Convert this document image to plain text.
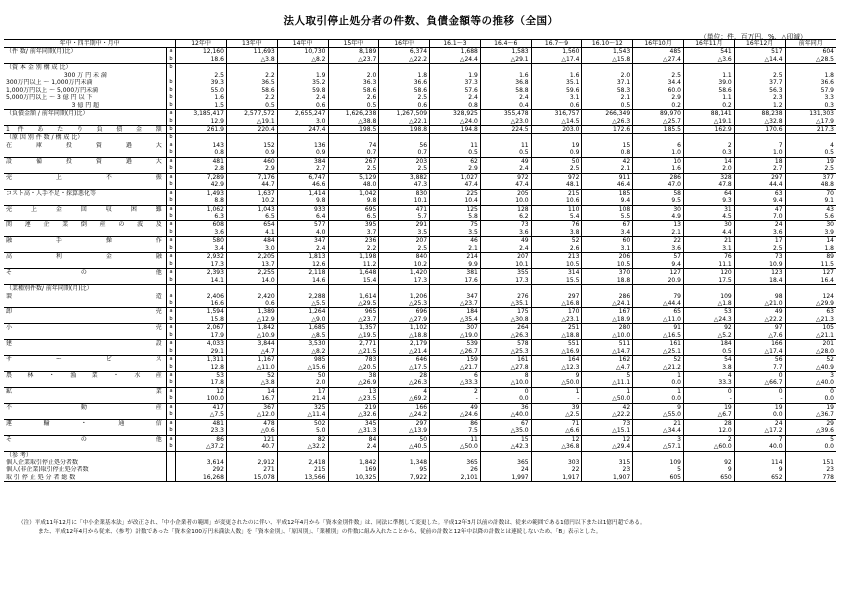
法人取引停止処分者の件数、負債金額等の推移（全国）
（単位：件、百万円、%、△印減）
年中・四半期中・月中		12年中	13年中	14年中	15年中	16年中	16.1～3	16.4～6	16.7～9	16.10～12	16年10月	16年11月	16年12月	前年同月
（件 数/ 前年同期(月)比）	a	12,160	11,693	10,730	8,189	6,374	1,688	1,583	1,560	1,543	485	541	517	604
	b	18.6	△3.8	△8.2	△23.7	△22.2	△24.4	△29.1	△17.4	△15.8	△27.4	△3.6	△14.4	△28.5
（資 本 金 別 構 成 比）	b													
300 万 円 未 満		2.5	2.2	1.9	2.0	1.8	1.9	1.6	1.6	2.0	2.5	1.1	2.5	1.8
300万円以上 ～ 1,000万円未満	b	39.3	36.5	35.2	36.3	36.6	37.3	36.8	35.1	37.1	34.4	39.0	37.7	36.6
1,000万円以上 ～ 5,000万円未満	b	55.0	58.6	59.8	58.6	58.6	57.6	58.8	59.6	58.3	60.0	58.6	56.3	57.9
5,000万円以上 ～ 3 億 円 以 下	b	1.6	2.2	2.4	2.6	2.5	2.4	2.4	3.1	2.1	2.9	1.1	2.3	3.3
3 億 円 超	b	1.5	0.5	0.6	0.5	0.6	0.8	0.4	0.6	0.5	0.2	0.2	1.2	0.3
（負債金額 / 前年同期(月)比）	a	3,185,417	2,577,572	2,655,247	1,626,238	1,267,509	328,925	355,478	316,757	266,349	89,970	88,141	88,238	131,303
	b	12.9	△19.1	3.0	△38.8	△22.1	△24.0	△23.0	△14.5	△26.3	△25.7	△19.1	△32.8	△17.9
1 件 あ た り 負 債 金 額	b	261.9	220.4	247.4	198.5	198.8	194.8	224.5	203.0	172.6	185.5	162.9	170.6	217.3
（原 因 別 件 数 / 構 成 比）	b													
在 庫 投 資 過 大	a	143	152	136	74	56	11	11	19	15	6	2	7	4
	b	0.8	0.9	0.9	0.7	0.7	0.5	0.5	0.9	0.8	1.0	0.3	1.0	0.5
設 備 投 資 過 大	a	481	460	384	267	203	62	49	50	42	10	14	18	19
	b	2.8	2.9	2.7	2.5	2.5	2.9	2.4	2.5	2.1	1.6	2.0	2.7	2.5
売 上 不 振	a	7,289	7,176	6,747	5,129	3,882	1,027	972	972	911	286	328	297	377
	b	42.9	44.7	46.6	48.0	47.3	47.4	47.4	48.1	46.4	47.0	47.8	44.4	48.8
コスト高・人手不足・採算悪化等	a	1,493	1,637	1,414	1,042	830	225	205	215	185	58	64	63	70
	b	8.8	10.2	9.8	9.8	10.1	10.4	10.0	10.6	9.4	9.5	9.3	9.4	9.1
売 上 金 回 収 困 難	a	1,062	1,043	933	695	471	125	128	110	108	30	31	47	43
	b	6.3	6.5	6.4	6.5	5.7	5.8	6.2	5.4	5.5	4.9	4.5	7.0	5.6
関 連 企 業 倒 産 の 波 及	a	608	654	577	395	291	75	73	76	67	13	30	24	30
	b	3.6	4.1	4.0	3.7	3.5	3.5	3.6	3.8	3.4	2.1	4.4	3.6	3.9
融 手 操 作	a	580	484	347	236	207	46	49	52	60	22	21	17	14
	b	3.4	3.0	2.4	2.2	2.5	2.1	2.4	2.6	3.1	3.6	3.1	2.5	1.8
高 利 金 融	a	2,932	2,205	1,813	1,198	840	214	207	213	206	57	76	73	89
	b	17.3	13.7	12.6	11.2	10.2	9.9	10.1	10.5	10.5	9.4	11.1	10.9	11.5
そ の 他	a	2,393	2,255	2,118	1,648	1,420	381	355	314	370	127	120	123	127
	b	14.1	14.0	14.6	15.4	17.3	17.6	17.3	15.5	18.8	20.9	17.5	18.4	16.4
（業種別件数/ 前年同期(月)比）														
製 造	a	2,406	2,420	2,288	1,614	1,206	347	276	297	286	79	109	98	124
	b	16.6	0.6	△5.5	△29.5	△25.3	△23.7	△35.1	△16.8	△24.1	△44.4	△1.8	△21.0	△29.9
卸 売	a	1,594	1,389	1,264	965	696	184	175	170	167	65	53	49	63
	b	15.8	△12.9	△9.0	△23.7	△27.9	△35.4	△30.8	△23.1	△18.9	△11.0	△24.3	△22.2	△21.3
小 売	a	2,067	1,842	1,685	1,357	1,102	307	264	251	280	91	92	97	105
	b	17.9	△10.9	△8.5	△19.5	△18.8	△19.0	△26.3	△18.8	△10.0	△16.5	△5.2	△7.6	△21.1
建 設	a	4,033	3,844	3,530	2,771	2,179	539	578	551	511	161	184	166	201
	b	29.1	△4.7	△8.2	△21.5	△21.4	△26.7	△25.3	△16.9	△14.7	△25.1	0.5	△17.4	△28.0
サ ー ビ ス	a	1,311	1,167	985	783	646	159	161	164	162	52	54	56	52
	b	12.8	△11.0	△15.6	△20.5	△17.5	△21.7	△27.8	△12.3	△4.7	△21.2	3.8	7.7	△40.9
農 林 ・ 漁 業 ・ 水 産	a	53	52	50	38	28	6	8	9	5	1	4	0	3
	b	17.8	△3.8	2.0	△26.9	△26.3	△33.3	△10.0	△50.0	△11.1	0.0	33.3	△66.7	△40.0
鉱 業	a	12	14	17	13	4	2	0	1	1	1	0	0	0
	b	100.0	16.7	21.4	△23.5	△69.2	-	0.0	-	△50.0	0.0	-	-	0.0
不 動 産	a	417	367	325	219	166	49	36	39	42	9	19	19	19
	b	△7.5	△12.0	△11.4	△32.6	△24.2	△24.6	△40.0	△2.5	△22.2	△55.0	△6.7	0.0	△36.7
運 輸 ・ 通 信	a	481	478	502	345	297	86	67	71	73	21	28	24	29
	b	23.3	△0.6	5.0	△31.3	△13.9	7.5	△35.0	△6.6	△15.1	△34.4	12.0	△17.2	△39.6
そ の 他	a	86	121	82	84	50	11	15	12	12	3	2	7	5
	b	△37.2	40.7	△32.2	2.4	△40.5	△50.0	△42.3	△36.8	△29.4	△57.1	△60.0	40.0	0.0
（参 考）														
個人企業取引停止処分者数		3,614	2,912	2,418	1,842	1,348	365	365	303	315	109	92	114	151
個人(非企業)取引停止処分者数		292	271	215	169	95	26	24	22	23	5	9	9	23
取 引 停 止 処 分 者 総 数		16,268	15,078	13,566	10,325	7,922	2,101	1,997	1,917	1,907	605	650	652	778
（注）平成11年12月に「中小企業基本法」が改正され、「中小企業者の範囲」が変更されたのに伴い、平成12年4月から「資本金別件数」は、同法に準拠して変更した。平成12年3月以前の計数は、従来の範囲である1億円以下または1億円超である。
また、平成12年4月から従来、（参考）計数であった「資本金100万円未満法人数」を「資本金別」、「原因別」、「業種別」の件数に組み入れたことから、従前の計数と12年中以降の計数とは連続しないため、「B」表示とした。
